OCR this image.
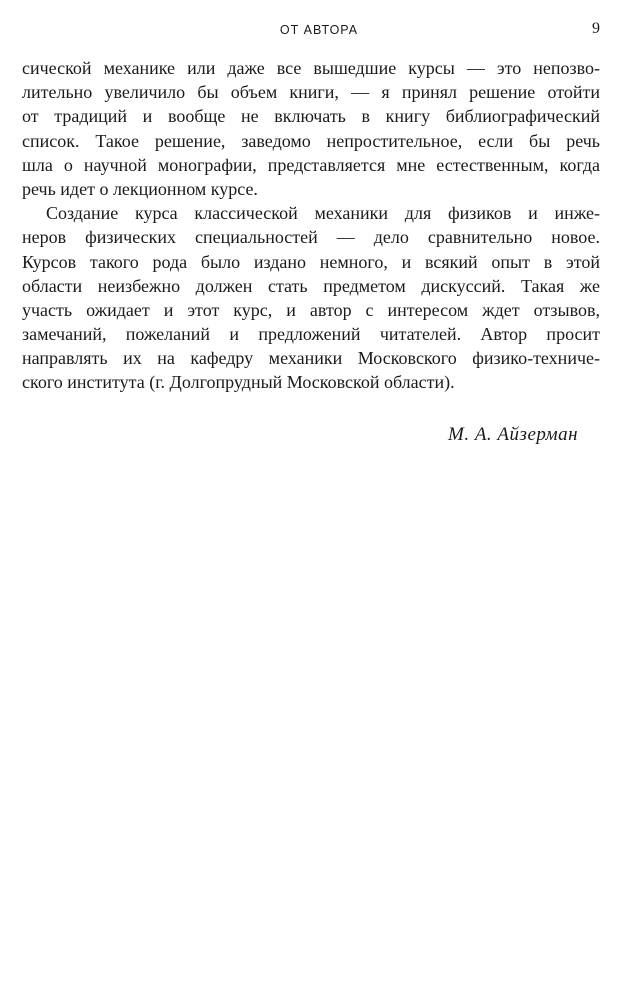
ОТ АВТОРА	9
сической механике или даже все вышедшие курсы — это непозво-
лительно увеличило бы объем книги, — я принял решение отойти
от традиций и вообще не включать в книгу библиографический
список. Такое решение, заведомо непростительное, если бы речь
шла о научной монографии, представляется мне естественным, когда
речь идет о лекционном курсе.
Создание курса классической механики для физиков и инже-
неров физических специальностей — дело сравнительно новое.
Курсов такого рода было издано немного, и всякий опыт в этой
области неизбежно должен стать предметом дискуссий. Такая же
участь ожидает и этот курс, и автор с интересом ждет отзывов,
замечаний, пожеланий и предложений читателей. Автор просит
направлять их на кафедру механики Московского физико-техниче-
ского института (г. Долгопрудный Московской области).
М. А. Айзерман
